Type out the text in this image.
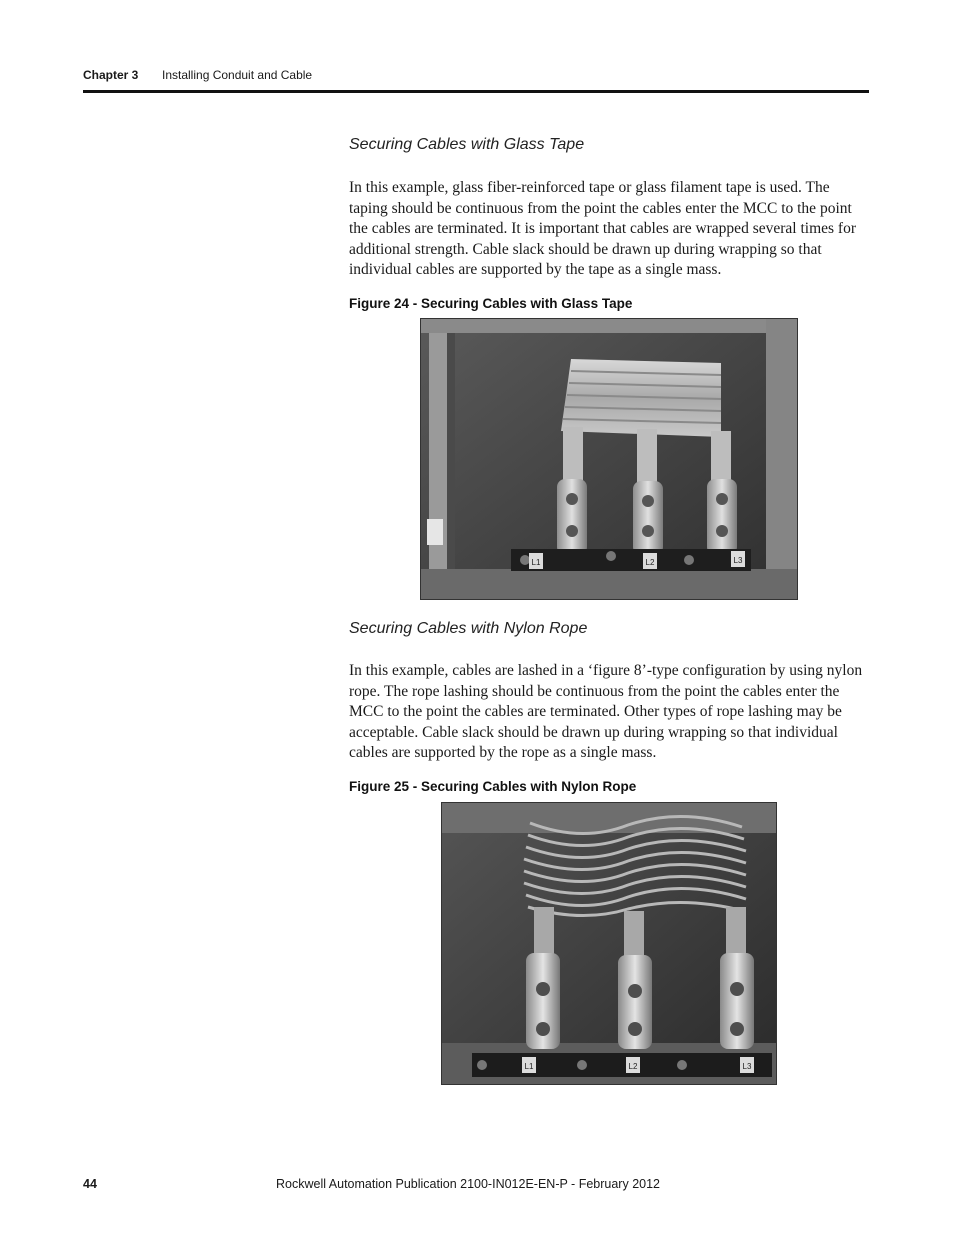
Chapter 3 Installing Conduit and Cable
Securing Cables with Glass Tape

In this example, glass fiber-reinforced tape or glass filament tape is used. The taping should be continuous from the point the cables enter the MCC to the point the cables are terminated. It is important that cables are wrapped several times for additional strength. Cable slack should be drawn up during wrapping so that individual cables are supported by the tape as a single mass.

Figure 24 - Securing Cables with Glass Tape
L1	L2	L3
Securing Cables with Nylon Rope

In this example, cables are lashed in a ‘figure 8’-type configuration by using nylon rope. The rope lashing should be continuous from the point the cables enter the MCC to the point the cables are terminated. Other types of rope lashing may be acceptable. Cable slack should be drawn up during wrapping so that individual cables are supported by the rope as a single mass.

Figure 25 - Securing Cables with Nylon Rope
L1	L2	L3
44	Rockwell Automation Publication 2100-IN012E-EN-P - February 2012
